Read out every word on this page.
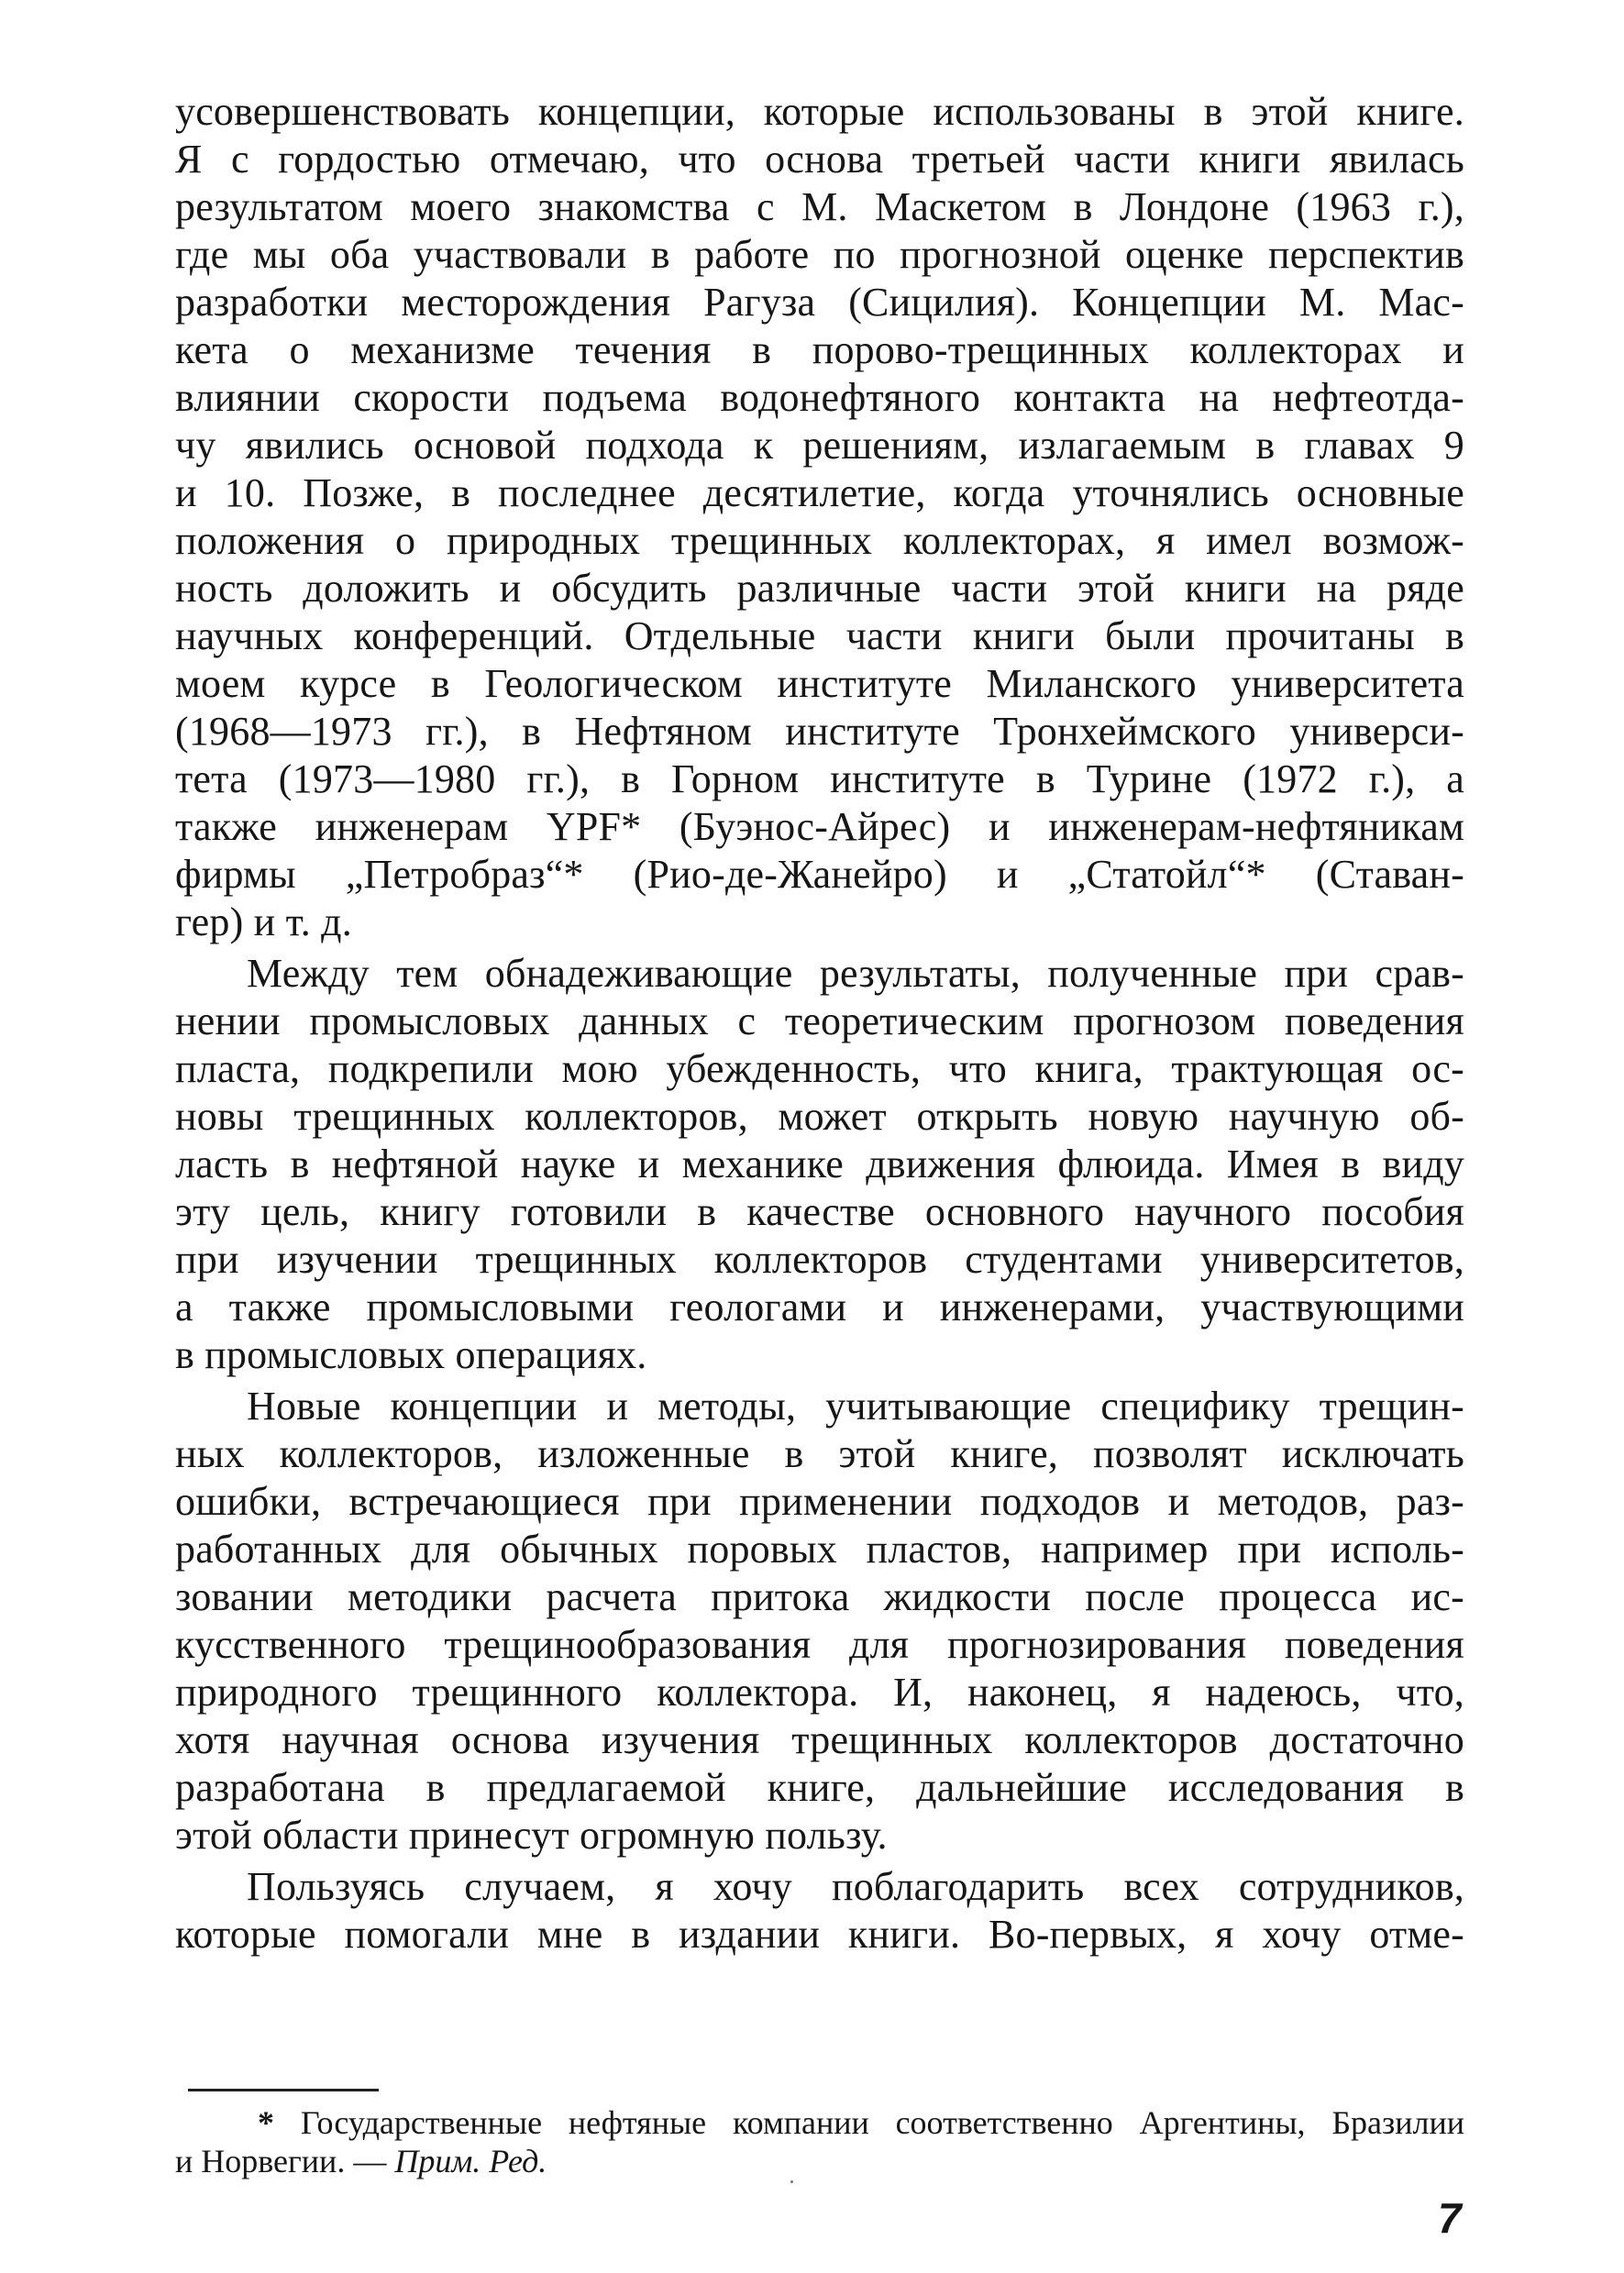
усовершенствовать концепции, которые использованы в этой книге.
Я с гордостью отмечаю, что основа третьей части книги явилась
результатом моего знакомства с М. Маскетом в Лондоне (1963 г.),
где мы оба участвовали в работе по прогнозной оценке перспектив
разработки месторождения Рагуза (Сицилия). Концепции М. Мас-
кета о механизме течения в порово-трещинных коллекторах и
влиянии скорости подъема водонефтяного контакта на нефтеотда-
чу явились основой подхода к решениям, излагаемым в главах 9
и 10. Позже, в последнее десятилетие, когда уточнялись основные
положения о природных трещинных коллекторах, я имел возмож-
ность доложить и обсудить различные части этой книги на ряде
научных конференций. Отдельные части книги были прочитаны в
моем курсе в Геологическом институте Миланского университета
(1968—1973 гг.), в Нефтяном институте Тронхеймского универси-
тета (1973—1980 гг.), в Горном институте в Турине (1972 г.), а
также инженерам YPF* (Буэнос-Айрес) и инженерам-нефтяникам
фирмы „Петробраз“* (Рио-де-Жанейро) и „Статойл“* (Ставан-
гер) и т. д.
Между тем обнадеживающие результаты, полученные при срав-
нении промысловых данных с теоретическим прогнозом поведения
пласта, подкрепили мою убежденность, что книга, трактующая ос-
новы трещинных коллекторов, может открыть новую научную об-
ласть в нефтяной науке и механике движения флюида. Имея в виду
эту цель, книгу готовили в качестве основного научного пособия
при изучении трещинных коллекторов студентами университетов,
а также промысловыми геологами и инженерами, участвующими
в промысловых операциях.
Новые концепции и методы, учитывающие специфику трещин-
ных коллекторов, изложенные в этой книге, позволят исключать
ошибки, встречающиеся при применении подходов и методов, раз-
работанных для обычных поровых пластов, например при исполь-
зовании методики расчета притока жидкости после процесса ис-
кусственного трещинообразования для прогнозирования поведения
природного трещинного коллектора. И, наконец, я надеюсь, что,
хотя научная основа изучения трещинных коллекторов достаточно
разработана в предлагаемой книге, дальнейшие исследования в
этой области принесут огромную пользу.
Пользуясь случаем, я хочу поблагодарить всех сотрудников,
которые помогали мне в издании книги. Во-первых, я хочу отме-
* Государственные нефтяные компании соответственно Аргентины, Бразилии
и Норвегии. — Прим. Ред.
7
